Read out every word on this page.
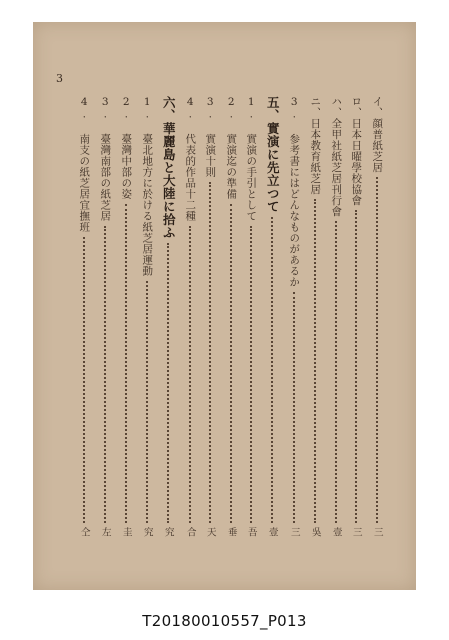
3
イ、顔普紙芝居
三
ロ、日本日曜學校協會
三
ハ、全甲社紙芝居刊行會
壹
ニ、日本教育紙芝居
吳
3. 参考書にはどんなものがあるか
三
五、實演に先立つて
壹
1. 實演の手引として
吾
2. 實演迄の準備
垂
3. 實演十則
天
4. 代表的作品十二種
合
六、華麗島と大陸に拾ふ
究
1. 臺北地方に於ける紙芝居運動
究
2. 臺灣中部の姿
圭
3. 臺灣南部の紙芝居
左
4. 南支の紙芝居宜撫班
仝
T20180010557_P013
